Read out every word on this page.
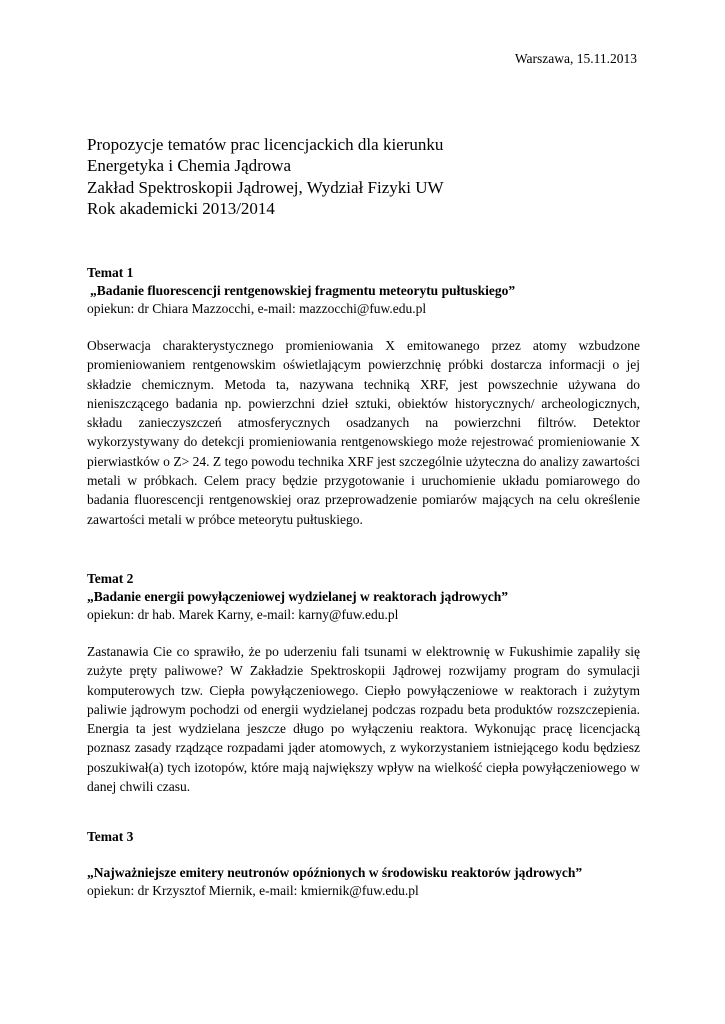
Warszawa, 15.11.2013
Propozycje tematów prac licencjackich dla kierunku
Energetyka i Chemia Jądrowa
Zakład Spektroskopii Jądrowej, Wydział Fizyki UW
Rok akademicki 2013/2014
Temat 1
„Badanie fluorescencji rentgenowskiej fragmentu meteorytu pułtuskiego”
opiekun: dr Chiara Mazzocchi, e-mail: mazzocchi@fuw.edu.pl
Obserwacja charakterystycznego promieniowania X emitowanego przez atomy wzbudzone promieniowaniem rentgenowskim oświetlającym powierzchnię próbki dostarcza informacji o jej składzie chemicznym. Metoda ta, nazywana techniką XRF, jest powszechnie używana do nieniszczącego badania np. powierzchni dzieł sztuki, obiektów historycznych/ archeologicznych, składu zanieczyszczeń atmosferycznych osadzanych na powierzchni filtrów. Detektor wykorzystywany do detekcji promieniowania rentgenowskiego może rejestrować promieniowanie X pierwiastków o Z> 24. Z tego powodu technika XRF jest szczególnie użyteczna do analizy zawartości metali w próbkach. Celem pracy będzie przygotowanie i uruchomienie układu pomiarowego do badania fluorescencji rentgenowskiej oraz przeprowadzenie pomiarów mających na celu określenie zawartości metali w próbce meteorytu pułtuskiego.
Temat 2
„Badanie energii powyłączeniowej wydzielanej w reaktorach jądrowych”
opiekun: dr hab. Marek Karny, e-mail: karny@fuw.edu.pl
Zastanawia Cie co sprawiło, że po uderzeniu fali tsunami w elektrownię w Fukushimie zapaliły się zużyte pręty paliwowe? W Zakładzie Spektroskopii Jądrowej rozwijamy program do symulacji komputerowych tzw. Ciepła powyłączeniowego. Ciepło powyłączeniowe w reaktorach i zużytym paliwie jądrowym pochodzi od energii wydzielanej podczas rozpadu beta produktów rozszczepienia. Energia ta jest wydzielana jeszcze długo po wyłączeniu reaktora. Wykonując pracę licencjacką poznasz zasady rządzące rozpadami jąder atomowych, z wykorzystaniem istniejącego kodu będziesz poszukiwał(a) tych izotopów, które mają największy wpływ na wielkość ciepła powyłączeniowego w danej chwili czasu.
Temat 3
„Najważniejsze emitery neutronów opóźnionych w środowisku reaktorów jądrowych”
opiekun: dr Krzysztof Miernik, e-mail: kmiernik@fuw.edu.pl
